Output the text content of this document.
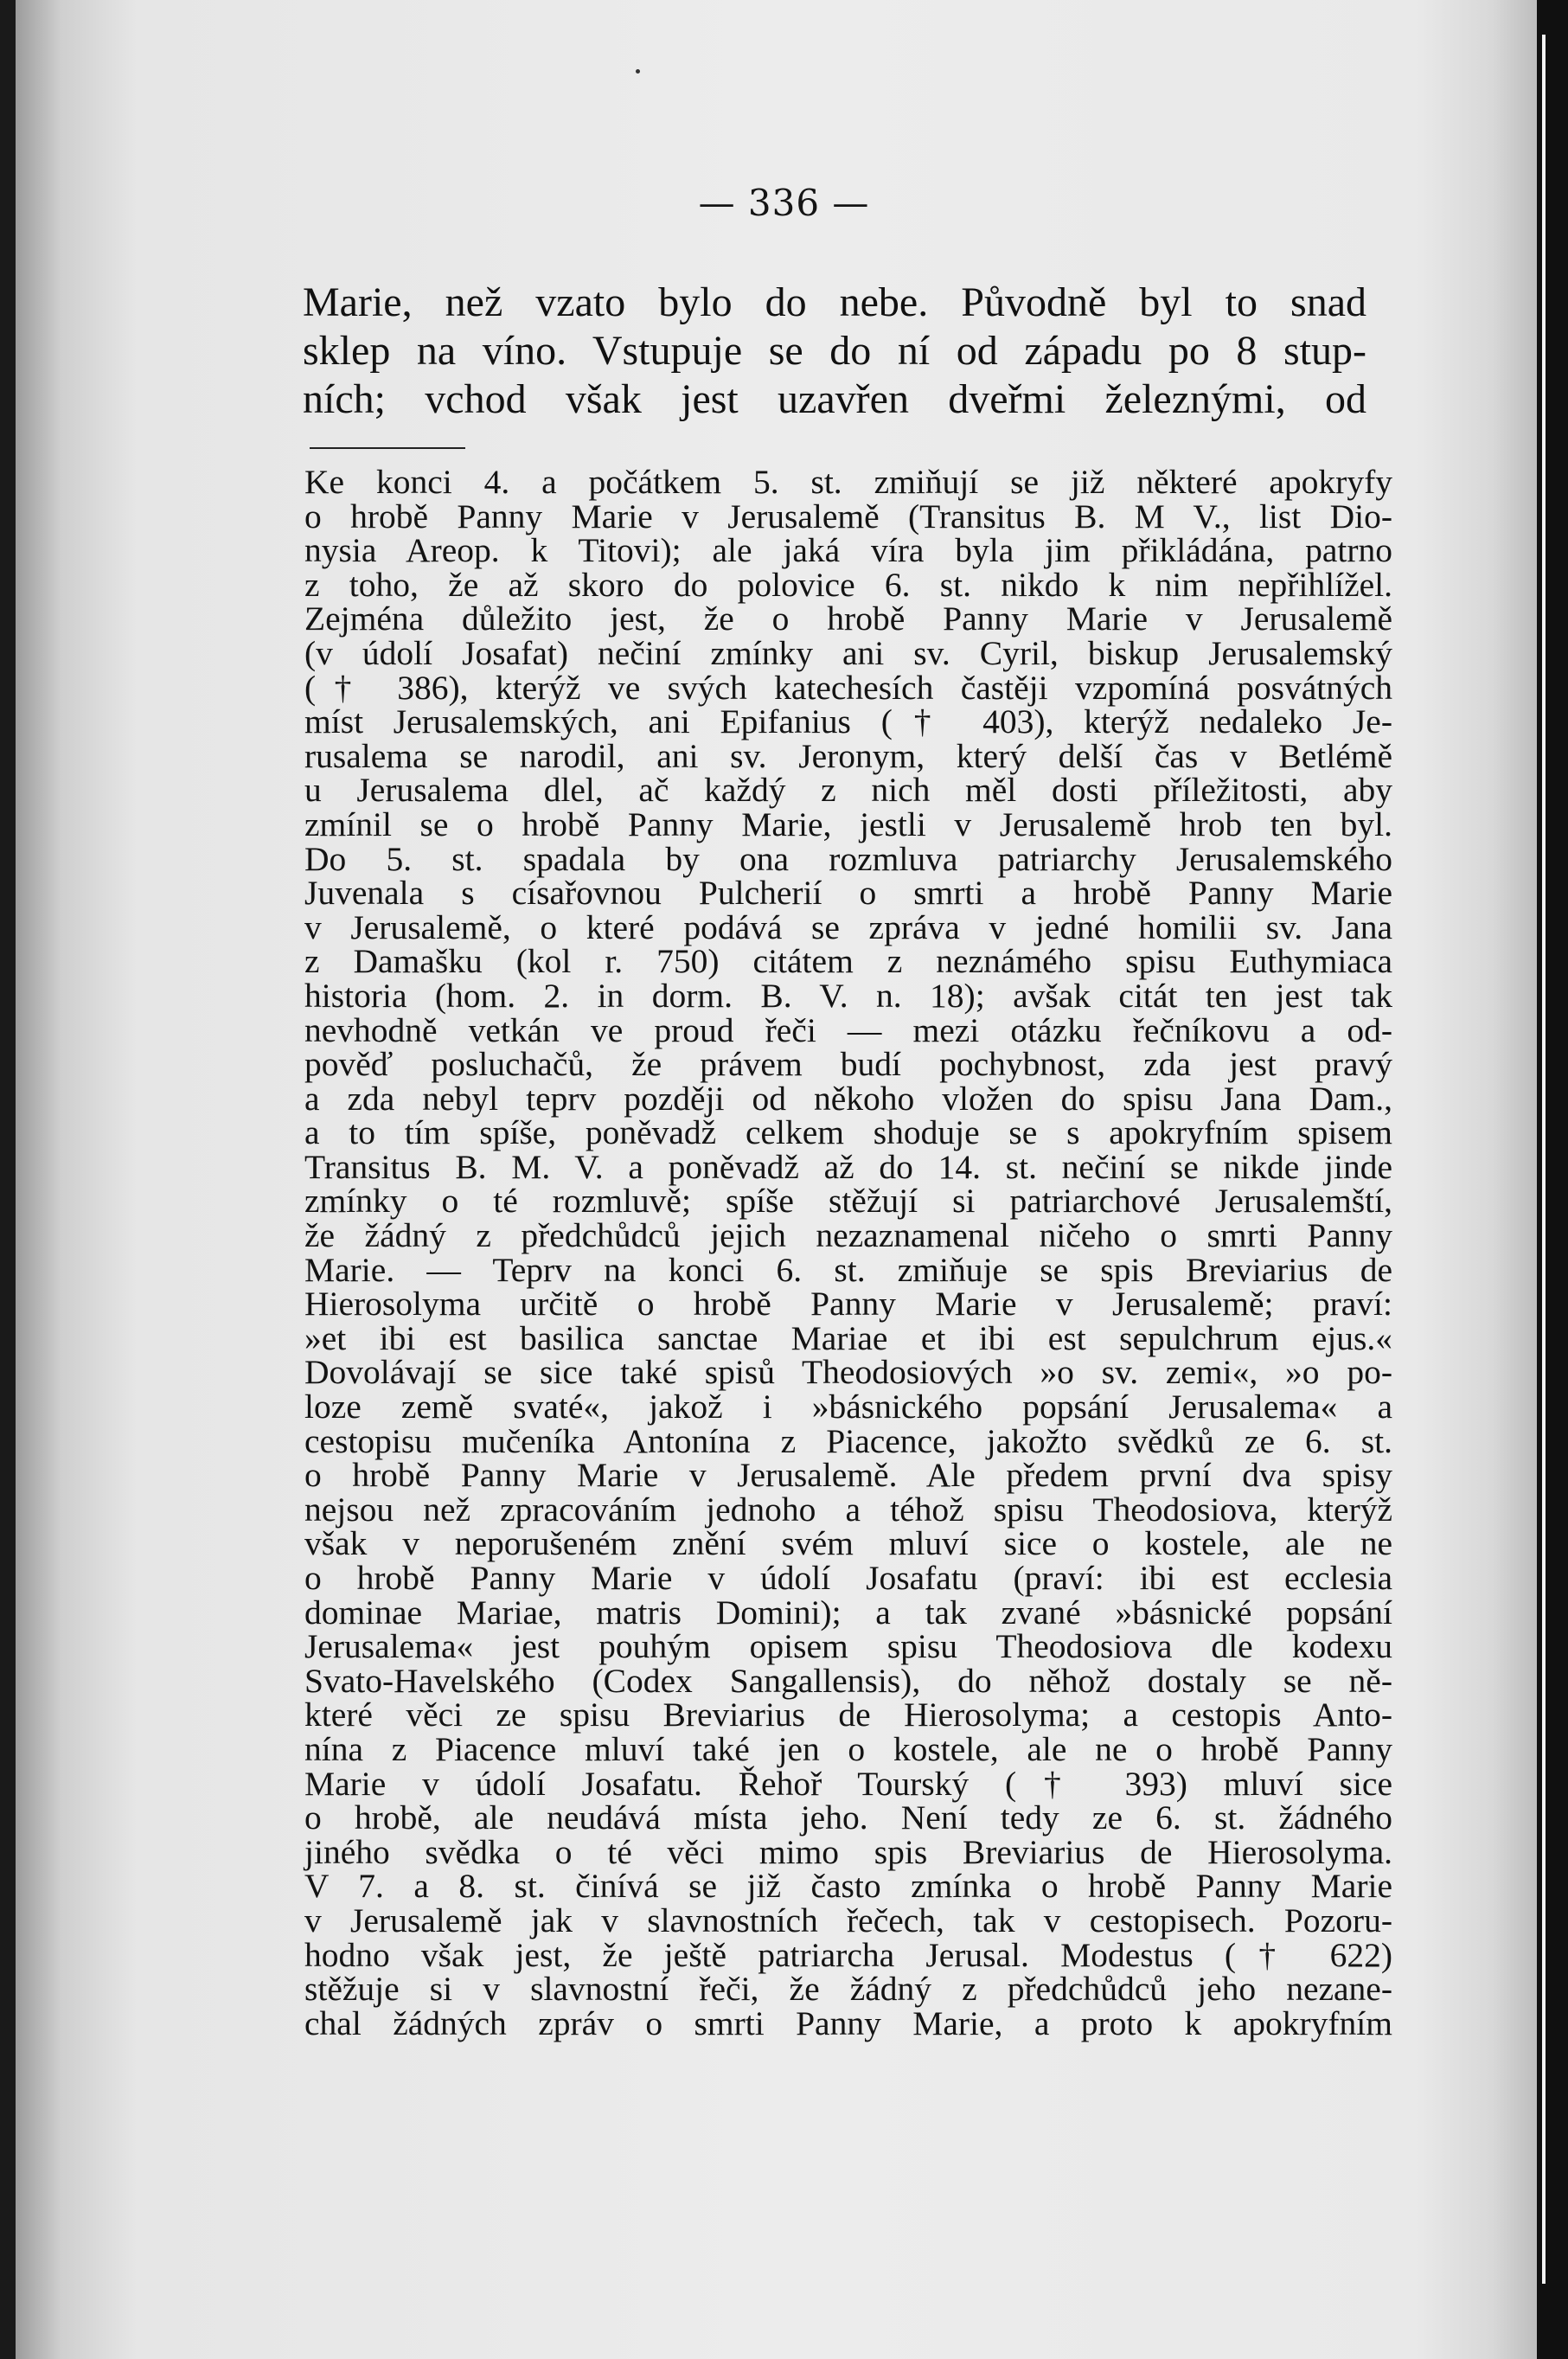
— 336 —
Marie, než vzato bylo do nebe. Původně byl to snad
sklep na víno. Vstupuje se do ní od západu po 8 stup-
ních; vchod však jest uzavřen dveřmi železnými, od
Ke konci 4. a počátkem 5. st. zmiňují se již některé apokryfy
o hrobě Panny Marie v Jerusalemě (Transitus B. M V., list Dio-
nysia Areop. k Titovi); ale jaká víra byla jim přikládána, patrno
z toho, že až skoro do polovice 6. st. nikdo k nim nepřihlížel.
Zejména důležito jest, že o hrobě Panny Marie v Jerusalemě
(v údolí Josafat) nečiní zmínky ani sv. Cyril, biskup Jerusalemský
(† 386), kterýž ve svých katechesích častěji vzpomíná posvátných
míst Jerusalemských, ani Epifanius († 403), kterýž nedaleko Je-
rusalema se narodil, ani sv. Jeronym, který delší čas v Betlémě
u Jerusalema dlel, ač každý z nich měl dosti příležitosti, aby
zmínil se o hrobě Panny Marie, jestli v Jerusalemě hrob ten byl.
Do 5. st. spadala by ona rozmluva patriarchy Jerusalemského
Juvenala s císařovnou Pulcherií o smrti a hrobě Panny Marie
v Jerusalemě, o které podává se zpráva v jedné homilii sv. Jana
z Damašku (kol r. 750) citátem z neznámého spisu Euthymiaca
historia (hom. 2. in dorm. B. V. n. 18); avšak citát ten jest tak
nevhodně vetkán ve proud řeči — mezi otázku řečníkovu a od-
pověď posluchačů, že právem budí pochybnost, zda jest pravý
a zda nebyl teprv později od někoho vložen do spisu Jana Dam.,
a to tím spíše, poněvadž celkem shoduje se s apokryfním spisem
Transitus B. M. V. a poněvadž až do 14. st. nečiní se nikde jinde
zmínky o té rozmluvě; spíše stěžují si patriarchové Jerusalemští,
že žádný z předchůdců jejich nezaznamenal ničeho o smrti Panny
Marie. — Teprv na konci 6. st. zmiňuje se spis Breviarius de
Hierosolyma určitě o hrobě Panny Marie v Jerusalemě; praví:
»et ibi est basilica sanctae Mariae et ibi est sepulchrum ejus.«
Dovolávají se sice také spisů Theodosiových »o sv. zemi«, »o po-
loze země svaté«, jakož i »básnického popsání Jerusalema« a
cestopisu mučeníka Antonína z Piacence, jakožto svědků ze 6. st.
o hrobě Panny Marie v Jerusalemě. Ale předem první dva spisy
nejsou než zpracováním jednoho a téhož spisu Theodosiova, kterýž
však v neporušeném znění svém mluví sice o kostele, ale ne
o hrobě Panny Marie v údolí Josafatu (praví: ibi est ecclesia
dominae Mariae, matris Domini); a tak zvané »básnické popsání
Jerusalema« jest pouhým opisem spisu Theodosiova dle kodexu
Svato-Havelského (Codex Sangallensis), do něhož dostaly se ně-
které věci ze spisu Breviarius de Hierosolyma; a cestopis Anto-
nína z Piacence mluví také jen o kostele, ale ne o hrobě Panny
Marie v údolí Josafatu. Řehoř Tourský († 393) mluví sice
o hrobě, ale neudává místa jeho. Není tedy ze 6. st. žádného
jiného svědka o té věci mimo spis Breviarius de Hierosolyma.
V 7. a 8. st. činívá se již často zmínka o hrobě Panny Marie
v Jerusalemě jak v slavnostních řečech, tak v cestopisech. Pozoru-
hodno však jest, že ještě patriarcha Jerusal. Modestus († 622)
stěžuje si v slavnostní řeči, že žádný z předchůdců jeho nezane-
chal žádných zpráv o smrti Panny Marie, a proto k apokryfním
